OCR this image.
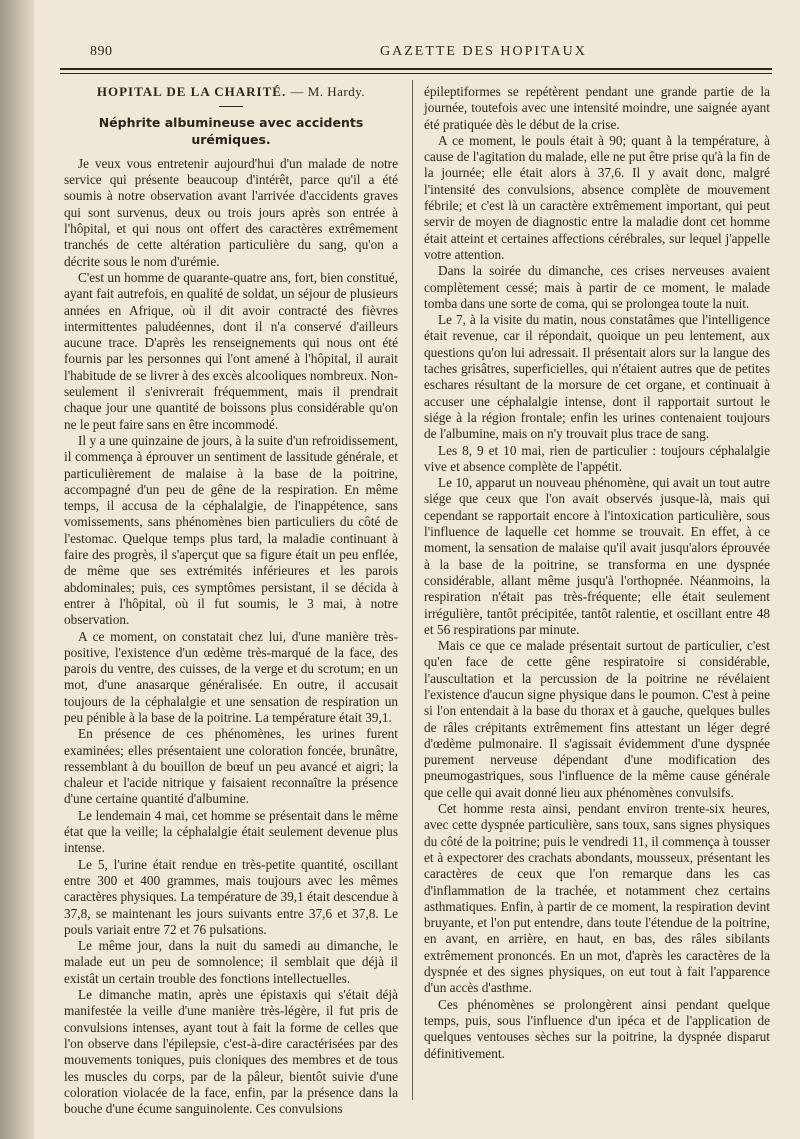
890	GAZETTE DES HOPITAUX
HOPITAL DE LA CHARITÉ. — M. Hardy.
Néphrite albumineuse avec accidents urémiques.

Je veux vous entretenir aujourd'hui d'un malade de notre service qui présente beaucoup d'intérêt, parce qu'il a été soumis à notre observation avant l'arrivée d'accidents graves qui sont survenus, deux ou trois jours après son entrée à l'hôpital, et qui nous ont offert des caractères extrêmement tranchés de cette altération particulière du sang, qu'on a décrite sous le nom d'urémie.

C'est un homme de quarante-quatre ans, fort, bien constitué, ayant fait autrefois, en qualité de soldat, un séjour de plusieurs années en Afrique, où il dit avoir contracté des fièvres intermittentes paludéennes, dont il n'a conservé d'ailleurs aucune trace. D'après les renseignements qui nous ont été fournis par les personnes qui l'ont amené à l'hôpital, il aurait l'habitude de se livrer à des excès alcooliques nombreux. Non-seulement il s'enivrerait fréquemment, mais il prendrait chaque jour une quantité de boissons plus considérable qu'on ne le peut faire sans en être incommodé.

Il y a une quinzaine de jours, à la suite d'un refroidissement, il commença à éprouver un sentiment de lassitude générale, et particulièrement de malaise à la base de la poitrine, accompagné d'un peu de gêne de la respiration. En même temps, il accusa de la céphalalgie, de l'inappétence, sans vomissements, sans phénomènes bien particuliers du côté de l'estomac. Quelque temps plus tard, la maladie continuant à faire des progrès, il s'aperçut que sa figure était un peu enflée, de même que ses extrémités inférieures et les parois abdominales; puis, ces symptômes persistant, il se décida à entrer à l'hôpital, où il fut soumis, le 3 mai, à notre observation.

A ce moment, on constatait chez lui, d'une manière très-positive, l'existence d'un œdème très-marqué de la face, des parois du ventre, des cuisses, de la verge et du scrotum; en un mot, d'une anasarque généralisée. En outre, il accusait toujours de la céphalalgie et une sensation de respiration un peu pénible à la base de la poitrine. La température était 39,1.

En présence de ces phénomènes, les urines furent examinées; elles présentaient une coloration foncée, brunâtre, ressemblant à du bouillon de bœuf un peu avancé et aigri; la chaleur et l'acide nitrique y faisaient reconnaître la présence d'une certaine quantité d'albumine.

Le lendemain 4 mai, cet homme se présentait dans le même état que la veille; la céphalalgie était seulement devenue plus intense.

Le 5, l'urine était rendue en très-petite quantité, oscillant entre 300 et 400 grammes, mais toujours avec les mêmes caractères physiques. La température de 39,1 était descendue à 37,8, se maintenant les jours suivants entre 37,6 et 37,8. Le pouls variait entre 72 et 76 pulsations.

Le même jour, dans la nuit du samedi au dimanche, le malade eut un peu de somnolence; il semblait que déjà il existât un certain trouble des fonctions intellectuelles.

Le dimanche matin, après une épistaxis qui s'était déjà manifestée la veille d'une manière très-légère, il fut pris de convulsions intenses, ayant tout à fait la forme de celles que l'on observe dans l'épilepsie, c'est-à-dire caractérisées par des mouvements toniques, puis cloniques des membres et de tous les muscles du corps, par de la pâleur, bientôt suivie d'une coloration violacée de la face, enfin, par la présence dans la bouche d'une écume sanguinolente. Ces convulsions

épileptiformes se repétèrent pendant une grande partie de la journée, toutefois avec une intensité moindre, une saignée ayant été pratiquée dès le début de la crise.

A ce moment, le pouls était à 90; quant à la température, à cause de l'agitation du malade, elle ne put être prise qu'à la fin de la journée; elle était alors à 37,6. Il y avait donc, malgré l'intensité des convulsions, absence complète de mouvement fébrile; et c'est là un caractère extrêmement important, qui peut servir de moyen de diagnostic entre la maladie dont cet homme était atteint et certaines affections cérébrales, sur lequel j'appelle votre attention.

Dans la soirée du dimanche, ces crises nerveuses avaient complètement cessé; mais à partir de ce moment, le malade tomba dans une sorte de coma, qui se prolongea toute la nuit.

Le 7, à la visite du matin, nous constatâmes que l'intelligence était revenue, car il répondait, quoique un peu lentement, aux questions qu'on lui adressait. Il présentait alors sur la langue des taches grisâtres, superficielles, qui n'étaient autres que de petites eschares résultant de la morsure de cet organe, et continuait à accuser une céphalalgie intense, dont il rapportait surtout le siége à la région frontale; enfin les urines contenaient toujours de l'albumine, mais on n'y trouvait plus trace de sang.

Les 8, 9 et 10 mai, rien de particulier : toujours céphalalgie vive et absence complète de l'appétit.

Le 10, apparut un nouveau phénomène, qui avait un tout autre siége que ceux que l'on avait observés jusque-là, mais qui cependant se rapportait encore à l'intoxication particulière, sous l'influence de laquelle cet homme se trouvait. En effet, à ce moment, la sensation de malaise qu'il avait jusqu'alors éprouvée à la base de la poitrine, se transforma en une dyspnée considérable, allant même jusqu'à l'orthopnée. Néanmoins, la respiration n'était pas très-fréquente; elle était seulement irrégulière, tantôt précipitée, tantôt ralentie, et oscillant entre 48 et 56 respirations par minute.

Mais ce que ce malade présentait surtout de particulier, c'est qu'en face de cette gêne respiratoire si considérable, l'auscultation et la percussion de la poitrine ne révélaient l'existence d'aucun signe physique dans le poumon. C'est à peine si l'on entendait à la base du thorax et à gauche, quelques bulles de râles crépitants extrêmement fins attestant un léger degré d'œdème pulmonaire. Il s'agissait évidemment d'une dyspnée purement nerveuse dépendant d'une modification des pneumogastriques, sous l'influence de la même cause générale que celle qui avait donné lieu aux phénomènes convulsifs.

Cet homme resta ainsi, pendant environ trente-six heures, avec cette dyspnée particulière, sans toux, sans signes physiques du côté de la poitrine; puis le vendredi 11, il commença à tousser et à expectorer des crachats abondants, mousseux, présentant les caractères de ceux que l'on remarque dans les cas d'inflammation de la trachée, et notamment chez certains asthmatiques. Enfin, à partir de ce moment, la respiration devint bruyante, et l'on put entendre, dans toute l'étendue de la poitrine, en avant, en arrière, en haut, en bas, des râles sibilants extrêmement prononcés. En un mot, d'après les caractères de la dyspnée et des signes physiques, on eut tout à fait l'apparence d'un accès d'asthme.

Ces phénomènes se prolongèrent ainsi pendant quelque temps, puis, sous l'influence d'un ipéca et de l'application de quelques ventouses sèches sur la poitrine, la dyspnée disparut définitivement.
